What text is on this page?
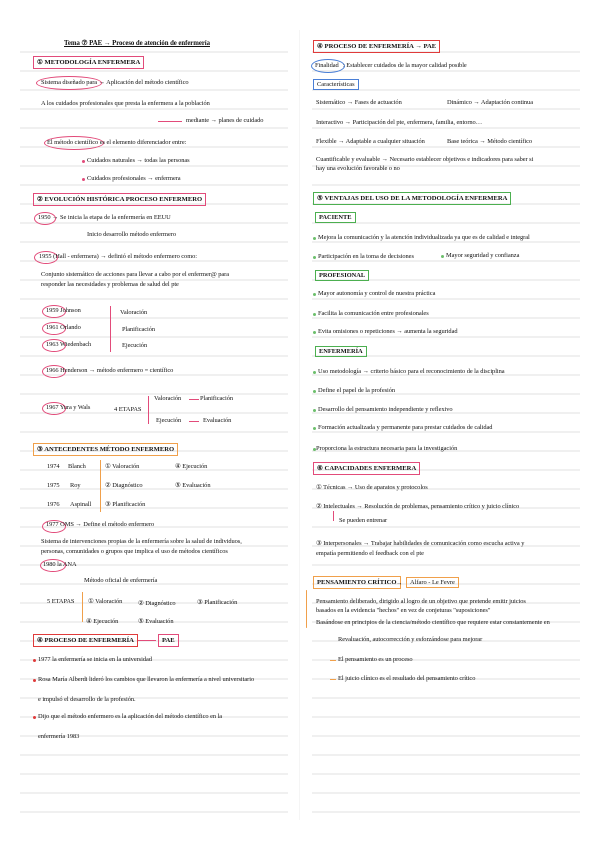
Tema ⑦ PAE → Proceso de atención de enfermería
① METODOLOGÍA ENFERMERA
Sistema diseñado para → Aplicación del método científico
A los cuidados profesionales que presta la enfermera a la población
mediante → planes de cuidado
El método científico es el elemento diferenciador entre:
Cuidados naturales → todas las personas
Cuidados profesionales → enfermera
② EVOLUCIÓN HISTÓRICA PROCESO ENFERMERO
1950 → Se inicia la etapa de la enfermería en EEUU
Inicio desarrollo método enfermero
1955 (Hall - enfermera) → definió el método enfermero como:
Conjunto sistemático de acciones para llevar a cabo por el enfermer@ para
responder las necesidades y problemas de salud del pte
1959 Johnson	Valoración
1961 Orlando	Planificación
1963 Wiedenbach	Ejecución
1966 Henderson → método enfermero = científico
1967 Yura y Wals	4 ETAPAS
Valoración	Planificación
Ejecución	Evaluación
③ ANTECEDENTES MÉTODO ENFERMERO
1974 Blanch	① Valoración	④ Ejecución
1975 Roy	② Diagnóstico	⑤ Evaluación
1976 Aspinall ③ Planificación
1977 OMS → Define el método enfermero
Sistema de intervenciones propias de la enfermería sobre la salud de individuos,
personas, comunidades o grupos que implica el uso de métodos científicos
1980 la ANA
Método oficial de enfermería
5 ETAPAS ① Valoración ② Diagnóstico	③ Planificación
④ Ejecución	⑤ Evaluación
④ PROCESO DE ENFERMERÍA	PAE
1977 la enfermería se inicia en la universidad
Rosa María Alberdi lideró los cambios que llevaron la enfermería a nivel universitario
e impulsó el desarrollo de la profesión.
Dijo que el método enfermero es la aplicación del método científico en la
enfermería 1983
④ PROCESO DE ENFERMERÍA → PAE
Finalidad : Establecer cuidados de la mayor calidad posible
Características
Sistemático → Fases de actuación	Dinámico → Adaptación continua
Interactivo → Participación del pte, enfermera, familia, entorno…
Flexible → Adaptable a cualquier situación	Base teórica → Método científico
Cuantificable y evaluable → Necesario establecer objetivos e indicadores para saber si
hay una evolución favorable o no
⑤ VENTAJAS DEL USO DE LA METODOLOGÍA ENFERMERA
PACIENTE
Mejora la comunicación y la atención individualizada ya que es de calidad e integral
Participación en la toma de decisiones	Mayor seguridad y confianza
PROFESIONAL
Mayor autonomía y control de nuestra práctica
Facilita la comunicación entre profesionales
Evita omisiones o repeticiones → aumenta la seguridad
ENFERMERÍA
Uso metodología → criterio básico para el reconocimiento de la disciplina
Define el papel de la profesión
Desarrollo del pensamiento independiente y reflexivo
Formación actualizada y permanente para prestar cuidados de calidad
Proporciona la estructura necesaria para la investigación
⑥ CAPACIDADES ENFERMERA
① Técnicas → Uso de aparatos y protocolos
② Intelectuales → Resolución de problemas, pensamiento crítico y juicio clínico
Se pueden entrenar
③ Interpersonales → Trabajar habilidades de comunicación como escucha activa y
empatía permitiendo el feedback con el pte
PENSAMIENTO CRÍTICO →	Alfaro - Le Fevre
Pensamiento deliberado, dirigido al logro de un objetivo que pretende emitir juicios
basados en la evidencia "hechos" en vez de conjeturas "suposiciones"
Basándose en principios de la ciencia/método científico que requiere estar constantemente en
Revaluación, autocorrección y esforzándose para mejorar
El pensamiento es un proceso
El juicio clínico es el resultado del pensamiento crítico
